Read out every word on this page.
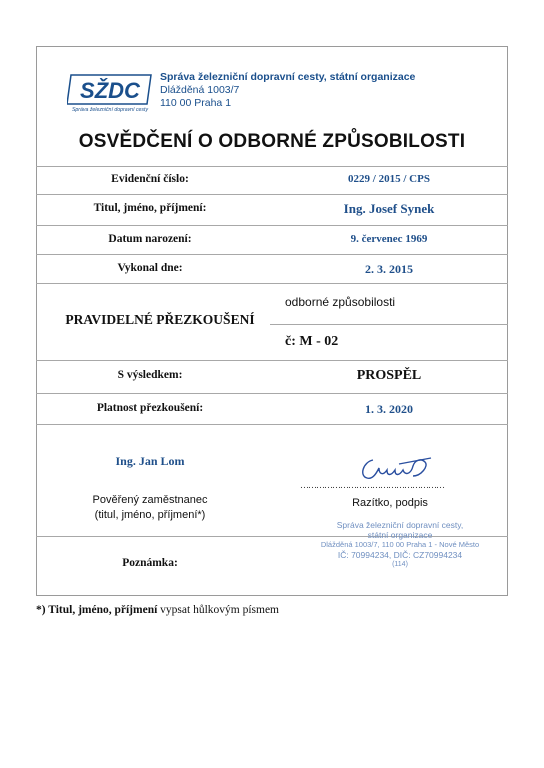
SŽDC
Správa železniční dopravní cesty
Správa železniční dopravní cesty, státní organizace
Dlážděná 1003/7
110 00 Praha 1
OSVĚDČENÍ O ODBORNÉ ZPŮSOBILOSTI
Evidenční číslo:	0229 / 2015 / CPS
Titul, jméno, příjmení:	Ing. Josef Synek
Datum narození:	9. červenec 1969
Vykonal dne:	2. 3. 2015
PRAVIDELNÉ PŘEZKOUŠENÍ
odborné způsobilosti
č: M - 02
S výsledkem:	PROSPĚL
Platnost přezkoušení:	1. 3. 2020
Ing. Jan Lom
Pověřený zaměstnanec
(titul, jméno, příjmení*)
………………………………………………
Razítko, podpis
Správa železniční dopravní cesty,
státní organizace
Dlážděná 1003/7, 110 00 Praha 1 - Nové Město
IČ: 70994234, DIČ: CZ70994234
(114)
Poznámka:
*) Titul, jméno, příjmení vypsat hůlkovým písmem
